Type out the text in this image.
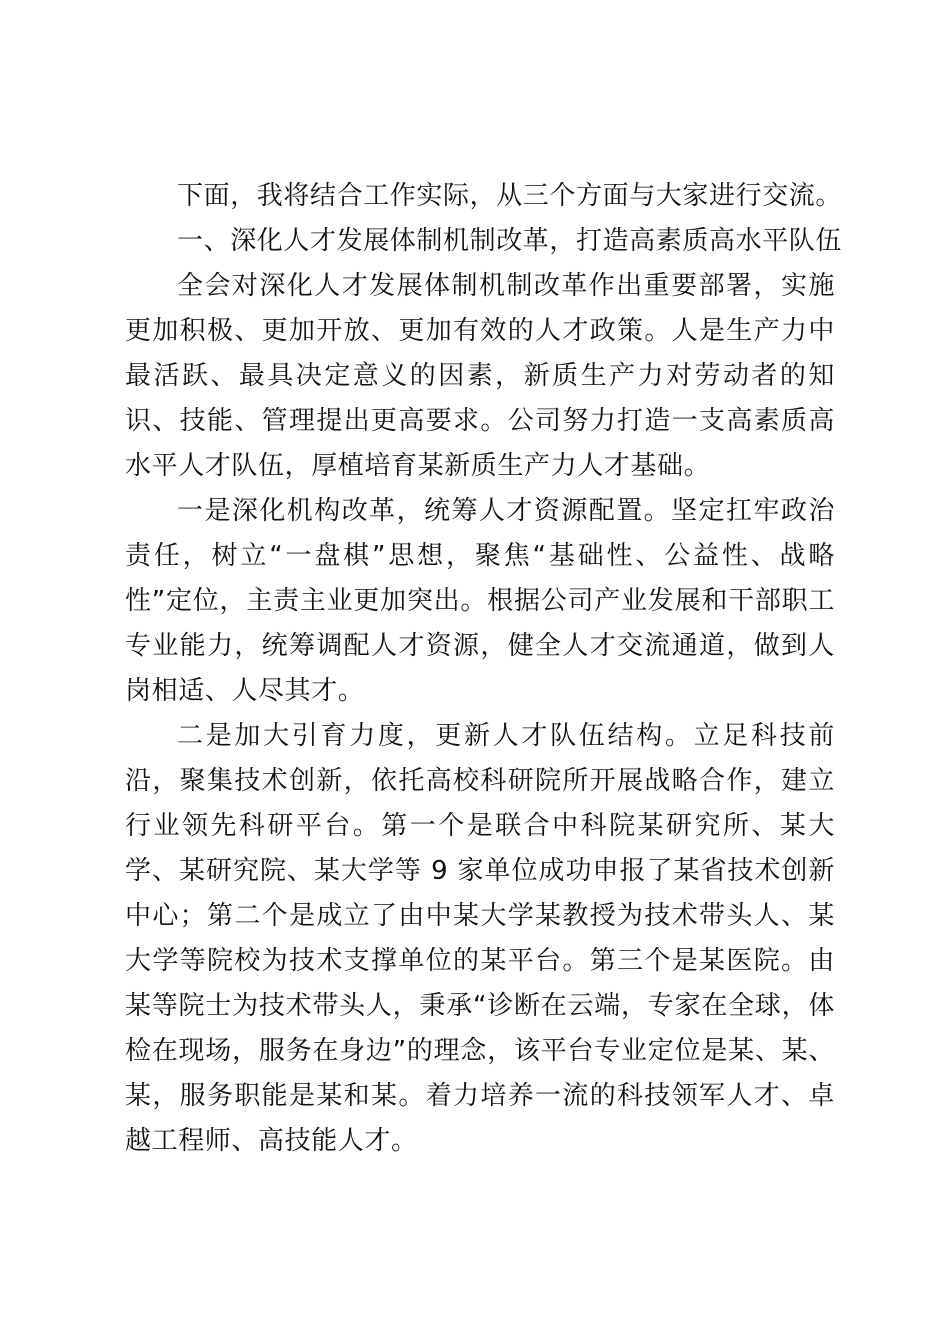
下面，我将结合工作实际，从三个方面与大家进行交流。

一、深化人才发展体制机制改革，打造高素质高水平队伍

全会对深化人才发展体制机制改革作出重要部署，实施更加积极、更加开放、更加有效的人才政策。人是生产力中最活跃、最具决定意义的因素，新质生产力对劳动者的知识、技能、管理提出更高要求。公司努力打造一支高素质高水平人才队伍，厚植培育某新质生产力人才基础。

一是深化机构改革，统筹人才资源配置。坚定扛牢政治责任，树立“一盘棋”思想，聚焦“基础性、公益性、战略性”定位，主责主业更加突出。根据公司产业发展和干部职工专业能力，统筹调配人才资源，健全人才交流通道，做到人岗相适、人尽其才。

二是加大引育力度，更新人才队伍结构。立足科技前沿，聚集技术创新，依托高校科研院所开展战略合作，建立行业领先科研平台。第一个是联合中科院某研究所、某大学、某研究院、某大学等 9 家单位成功申报了某省技术创新中心；第二个是成立了由中某大学某教授为技术带头人、某大学等院校为技术支撑单位的某平台。第三个是某医院。由某等院士为技术带头人，秉承“诊断在云端，专家在全球，体检在现场，服务在身边”的理念，该平台专业定位是某、某、某，服务职能是某和某。着力培养一流的科技领军人才、卓越工程师、高技能人才。
